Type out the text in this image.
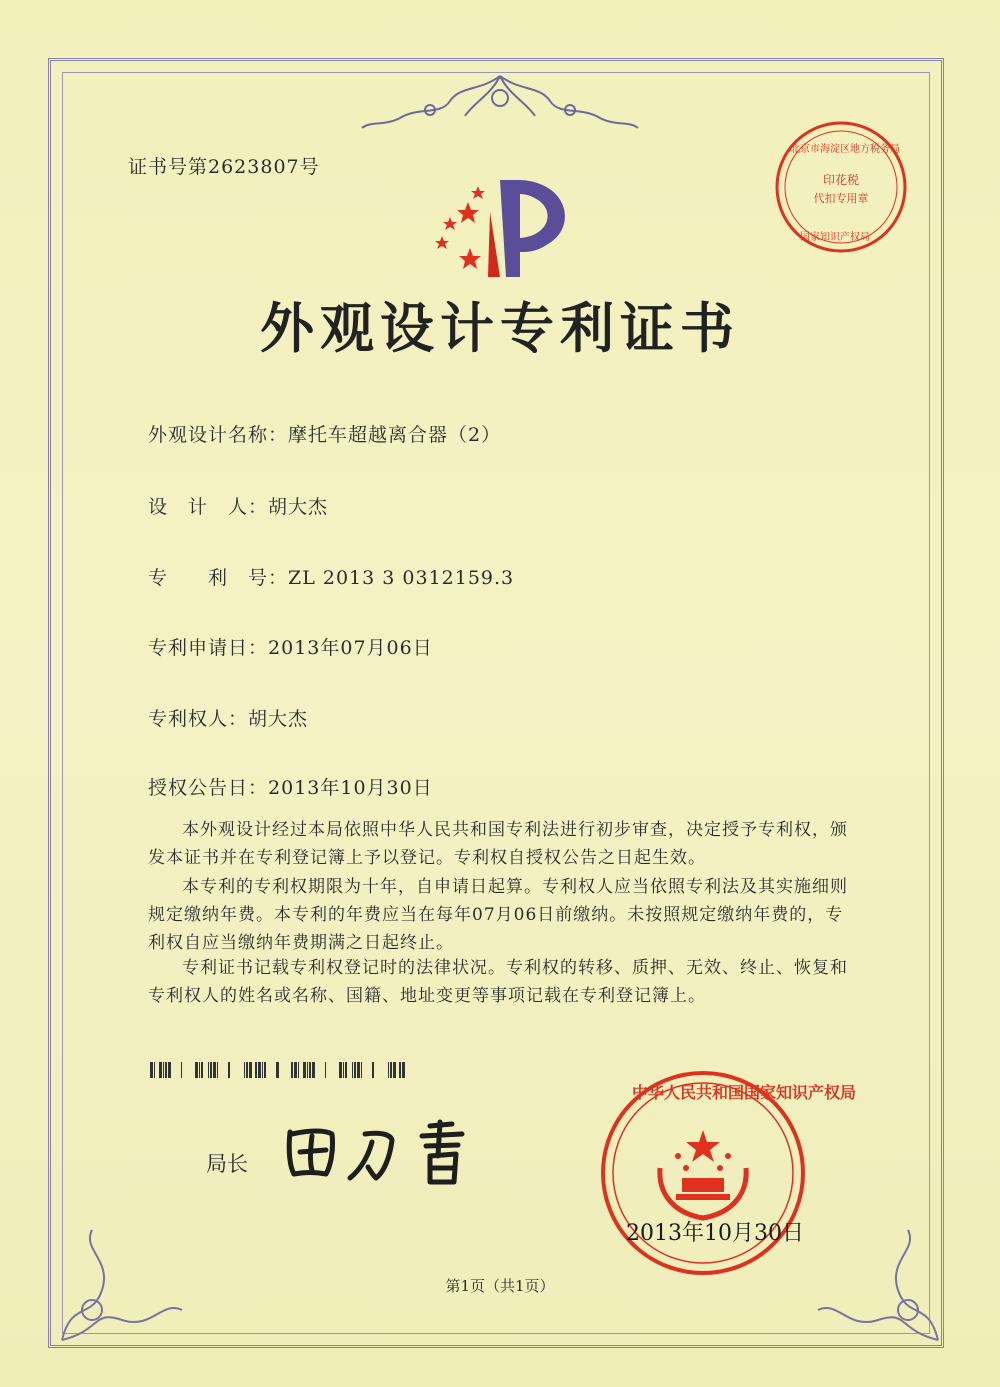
证书号第2623807号
印花税
代扣专用章
北京市海淀区地方税务局
国家知识产权局
外观设计专利证书
外观设计名称：摩托车超越离合器（2）
设　计　人：胡大杰
专　　利　号：ZL 2013 3 0312159.3
专利申请日：2013年07月06日
专利权人：胡大杰
授权公告日：2013年10月30日
本外观设计经过本局依照中华人民共和国专利法进行初步审查，决定授予专利权，颁
发本证书并在专利登记簿上予以登记。专利权自授权公告之日起生效。
本专利的专利权期限为十年，自申请日起算。专利权人应当依照专利法及其实施细则
规定缴纳年费。本专利的年费应当在每年07月06日前缴纳。未按照规定缴纳年费的，专
利权自应当缴纳年费期满之日起终止。
专利证书记载专利权登记时的法律状况。专利权的转移、质押、无效、终止、恢复和
专利权人的姓名或名称、国籍、地址变更等事项记载在专利登记簿上。
局长
中华人民共和国国家知识产权局
2013年10月30日
第1页（共1页）
